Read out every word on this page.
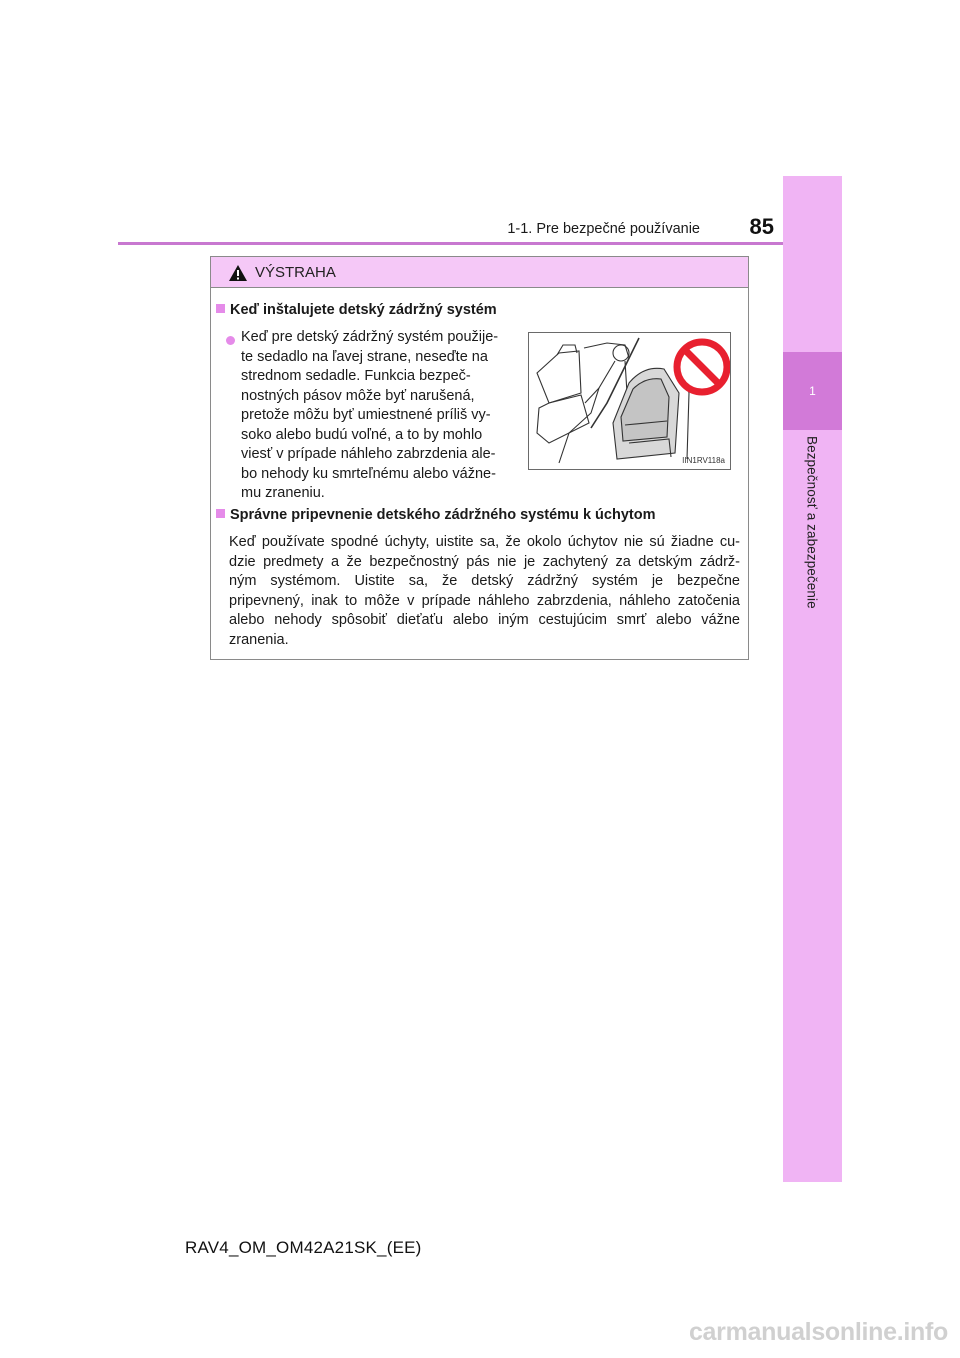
1
Bezpečnosť a zabezpečenie
1-1. Pre bezpečné používanie	85
VÝSTRAHA
Keď inštalujete detský zádržný systém
Keď pre detský zádržný systém použije-
te sedadlo na ľavej strane, neseďte na
strednom sedadle. Funkcia bezpeč-
nostných pásov môže byť narušená,
pretože môžu byť umiestnené príliš vy-
soko alebo budú voľné, a to by mohlo
viesť v prípade náhleho zabrzdenia ale-
bo nehody ku smrteľnému alebo vážne-
mu zraneniu.
IIN1RV118a
Správne pripevnenie detského zádržného systému k úchytom
Keď používate spodné úchyty, uistite sa, že okolo úchytov nie sú žiadne cu-
dzie predmety a že bezpečnostný pás nie je zachytený za detským zádrž-
ným systémom. Uistite sa, že detský zádržný systém je bezpečne
pripevnený, inak to môže v prípade náhleho zabrzdenia, náhleho zatočenia
alebo nehody spôsobiť dieťaťu alebo iným cestujúcim smrť alebo vážne
zranenia.
RAV4_OM_OM42A21SK_(EE)
carmanualsonline.info
